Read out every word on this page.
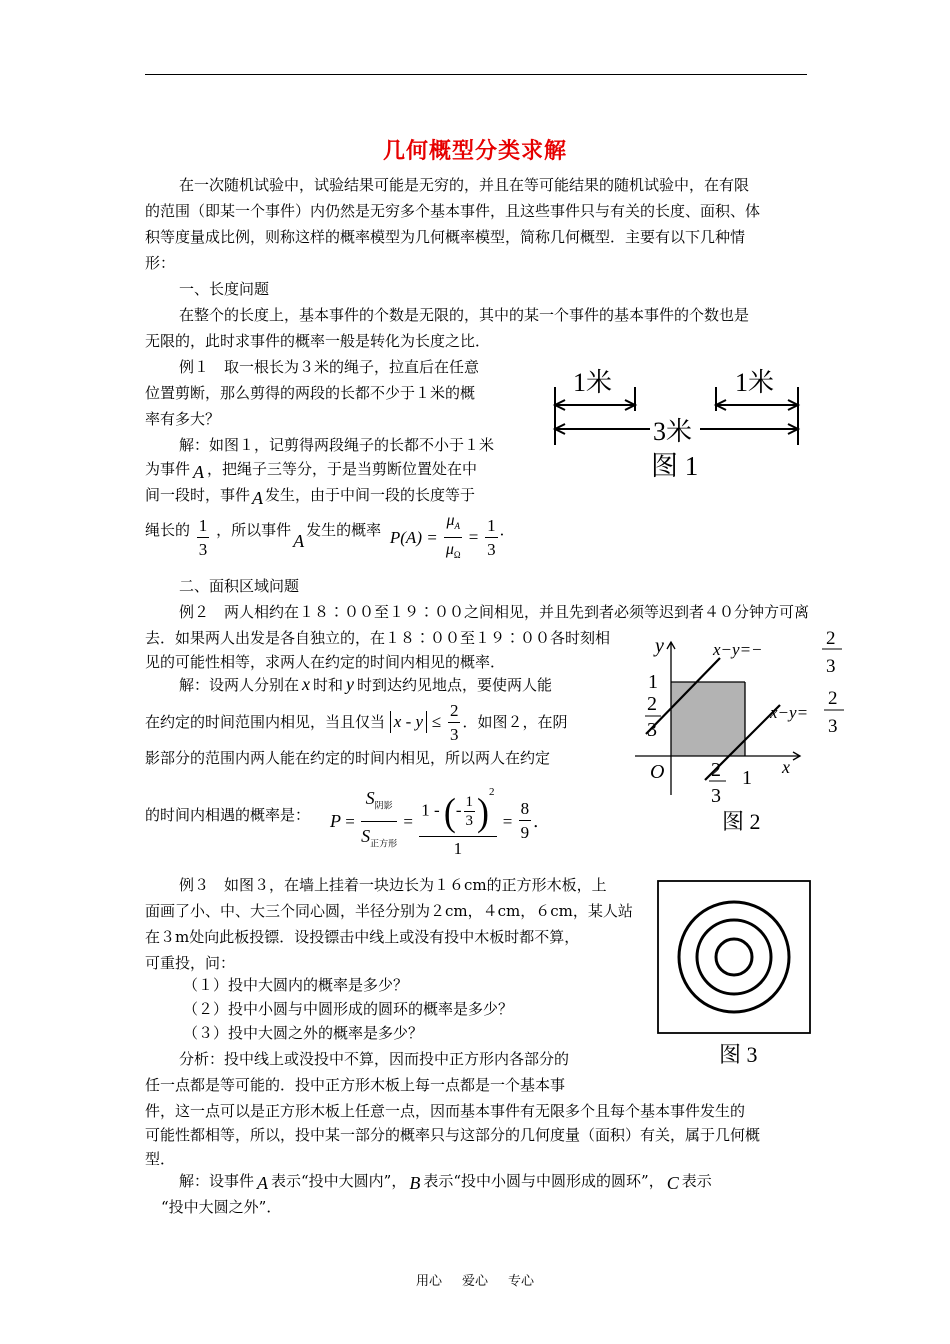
几何概型分类求解
在一次随机试验中，试验结果可能是无穷的，并且在等可能结果的随机试验中，在有限
的范围（即某一个事件）内仍然是无穷多个基本事件，且这些事件只与有关的长度、面积、体
积等度量成比例，则称这样的概率模型为几何概率模型，简称几何概型．主要有以下几种情
形：
一、长度问题
在整个的长度上，基本事件的个数是无限的，其中的某一个事件的基本事件的个数也是
无限的，此时求事件的概率一般是转化为长度之比．
例１　取一根长为３米的绳子，拉直后在任意
位置剪断，那么剪得的两段的长都不少于１米的概
率有多大？
解：如图１，记剪得两段绳子的长都不小于１米
为事件 A ，把绳子三等分，于是当剪断位置处在中
间一段时，事件 A 发生，由于中间一段的长度等于
绳长的 $\frac{1}{3}$ ，所以事件A发生的概率 $P(A) = \frac{\mu_A}{\mu_\Omega} = \frac{1}{3}$ ．
1米	1米
3米
图 1
二、面积区域问题
例２　两人相约在１８∶００至１９∶００之间相见，并且先到者必须等迟到者４０分钟方可离
去．如果两人出发是各自独立的，在１８∶００至１９∶００各时刻相
见的可能性相等，求两人在约定的时间内相见的概率．
解：设两人分别在 x 时和 y 时到达约见地点，要使两人能
在约定的时间范围内相见，当且仅当 $x - y \le \frac{2}{3}$ ．如图２，在阴
影部分的范围内两人能在约定的时间内相见，所以两人在约定
的时间内相遇的概率是： $P = \frac{S_{阴影}}{S_{正方形}} = \frac{1 - (- \frac{1}{3} )^2}{1} = \frac{8}{9}$ ．
y
x
O
1
1
2
3
2
3
x−y=−
2
3
x−y=
2
3
图 2
例３　如图３，在墙上挂着一块边长为１６cm的正方形木板，上
面画了小、中、大三个同心圆，半径分别为２cm，４cm，６cm，某人站
在３m处向此板投镖．设投镖击中线上或没有投中木板时都不算，
可重投，问：
（１）投中大圆内的概率是多少？
（２）投中小圆与中圆形成的圆环的概率是多少？
（３）投中大圆之外的概率是多少？
分析：投中线上或没投中不算，因而投中正方形内各部分的
任一点都是等可能的．投中正方形木板上每一点都是一个基本事
件，这一点可以是正方形木板上任意一点，因而基本事件有无限多个且每个基本事件发生的
可能性都相等，所以，投中某一部分的概率只与这部分的几何度量（面积）有关，属于几何概
型．
解：设事件 A 表示“投中大圆内”， B 表示“投中小圆与中圆形成的圆环”， C 表示
“投中大圆之外”．
图 3
用心 爱心 专心
